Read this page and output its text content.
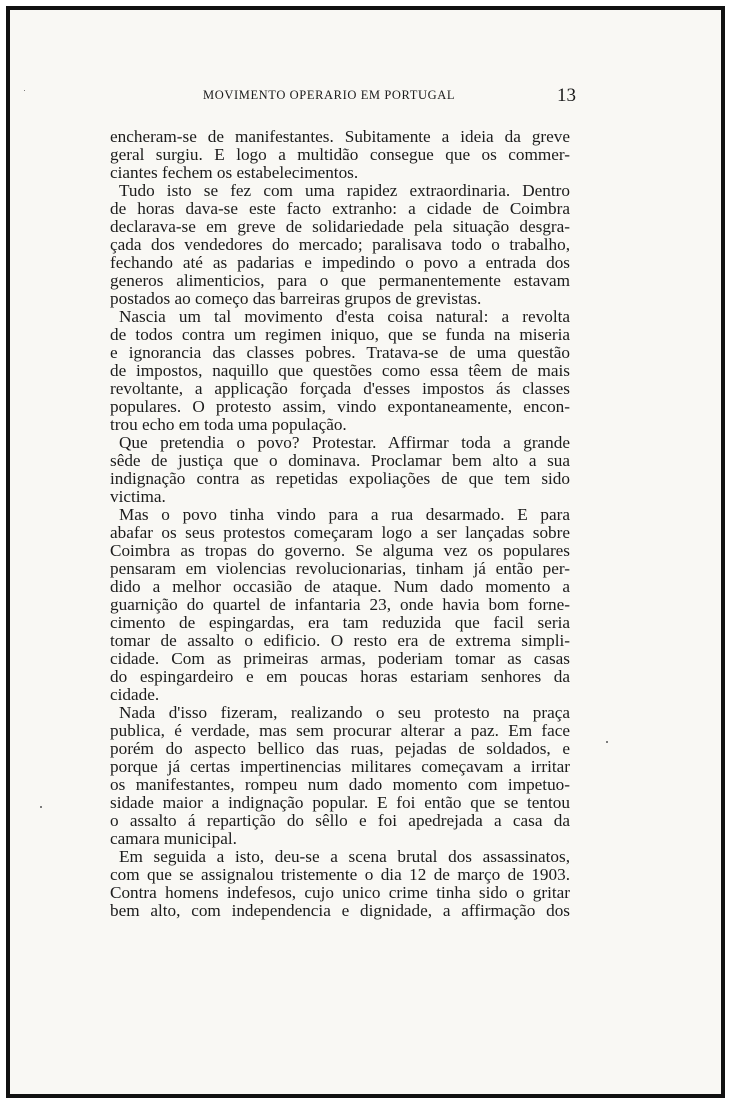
MOVIMENTO OPERARIO EM PORTUGAL	13
encheram-se de manifestantes. Subitamente a ideia da greve
geral surgiu. E logo a multidão consegue que os commer-
ciantes fechem os estabelecimentos.
Tudo isto se fez com uma rapidez extraordinaria. Dentro
de horas dava-se este facto extranho: a cidade de Coimbra
declarava-se em greve de solidariedade pela situação desgra-
çada dos vendedores do mercado; paralisava todo o trabalho,
fechando até as padarias e impedindo o povo a entrada dos
generos alimenticios, para o que permanentemente estavam
postados ao começo das barreiras grupos de grevistas.
Nascia um tal movimento d'esta coisa natural: a revolta
de todos contra um regimen iniquo, que se funda na miseria
e ignorancia das classes pobres. Tratava-se de uma questão
de impostos, naquillo que questões como essa têem de mais
revoltante, a applicação forçada d'esses impostos ás classes
populares. O protesto assim, vindo expontaneamente, encon-
trou echo em toda uma população.
Que pretendia o povo? Protestar. Affirmar toda a grande
sêde de justiça que o dominava. Proclamar bem alto a sua
indignação contra as repetidas expoliações de que tem sido
victima.
Mas o povo tinha vindo para a rua desarmado. E para
abafar os seus protestos começaram logo a ser lançadas sobre
Coimbra as tropas do governo. Se alguma vez os populares
pensaram em violencias revolucionarias, tinham já então per-
dido a melhor occasião de ataque. Num dado momento a
guarnição do quartel de infantaria 23, onde havia bom forne-
cimento de espingardas, era tam reduzida que facil seria
tomar de assalto o edificio. O resto era de extrema simpli-
cidade. Com as primeiras armas, poderiam tomar as casas
do espingardeiro e em poucas horas estariam senhores da
cidade.
Nada d'isso fizeram, realizando o seu protesto na praça
publica, é verdade, mas sem procurar alterar a paz. Em face
porém do aspecto bellico das ruas, pejadas de soldados, e
porque já certas impertinencias militares começavam a irritar
os manifestantes, rompeu num dado momento com impetuo-
sidade maior a indignação popular. E foi então que se tentou
o assalto á repartição do sêllo e foi apedrejada a casa da
camara municipal.
Em seguida a isto, deu-se a scena brutal dos assassinatos,
com que se assignalou tristemente o dia 12 de março de 1903.
Contra homens indefesos, cujo unico crime tinha sido o gritar
bem alto, com independencia e dignidade, a affirmação dos
